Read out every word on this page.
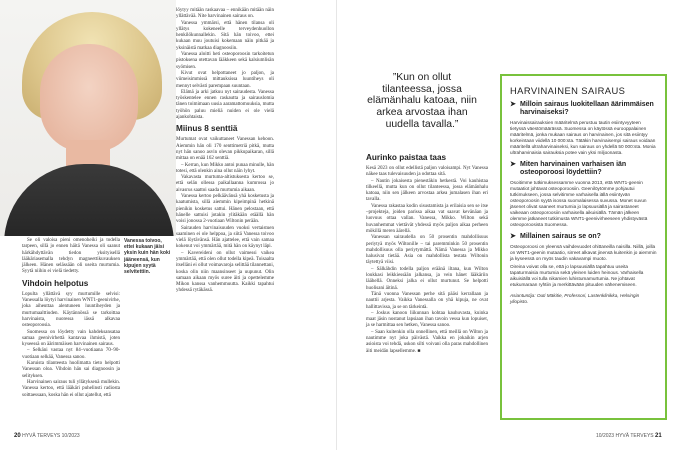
Vanessa toivoo, ettei kukaan jäisi yksin kuin hän koki jääneensä, kun kipujen syytä selvitettiin.

Se oli valoisa pieni omenoheiki ja todella tarpeen, sillä jo ennen häitä Vanessa oli saanut härkähdyttävän tiedon yksityisellä lääkäriasemalla tehdyn magneettikuvauksen jälkeen. Hänen selässään oli useita murtumia. Syytä niihin ei vielä tiedetty.

Vihdoin helpotus

Lopulta yllättävä syy murtumille selvisi: Vanessalla löytyi harvinainen WNT1-geenivirhe, joka aiheuttaa alentuneen luuntiheyden ja murtumaalttiuden. Käytännössä se tarkoittaa harvinaista, nuoressa iässä alkavaa osteoporoosia.

Suomessa on löydetty vain kahdeksansataa samaa geenivirhettä kantavaa ihmistä, joten kyseessä on äärimmäisen harvinainen sairaus.

– Selkäni vastaa nyt 84–vuotiaana 70–90-vuotiaan selkää, Vanessa sanoo.

Karuista tilanteesta huolimatta tieto helpotti Vanessan oloa. Vihdoin hän sai diagnoosin ja selityksen.

Harvinainen sairaus tuli yllätyksenä mullekin. Vanessa kertoo, että lääkäri puhelinsti radiosta soittaessaan, koska hän ei ollut ajatellut, että

löytyy mitään raskaavaa – ennikään mitään näin yllättävää. Nite harvinainen sairaus on.

Vanessa ymmärsi, että hänen tilansa oli yllätys kokeneelle terveydenhuollon henkilökunnallekin. Sitä hän toivoo, ettei kukaan muu joutuisi kokemaan näin pitkää ja yksinäistä matkaa diagnoosiin.

Vanessa aloitti heti osteoporoosin tarkoitetun pistoksena otettavan lääkkeen sekä kalsiumlisän syömisen.

Kivut ovat helpottaneet jo paljon, ja viimeisimmissä mittauksissa luuntiheys oli mennyt selvästi parempaan suuntaan.

Elämä ja arki jatkuu nyt sairaudesta. Vanessa työskentelee ennen raskautta ja sairauslomia tänen toimimaan uusia aaramattomuuksia, mutta työhön paluu mieliä nuiden ei ole vielä ajankohtaista.

Miinus 8 senttiä

Murtumat ovat vaikuttaneet Vanessan kehoon. Aiemmin hän oli 170 senttimetriä pitkä, mutta nyt hän sanoo asvin olevan pikkupaikaran, sillä mittaa on enää 162 senttiä.

– Kerran, kun Mikko antoi punaa minulle, hän totesi, että olenkin aina ollut näin lyhyt.

Vakavasta murtuma-altistuksesta kertoo se, että selän ollessa paikallaanna kumrossa jo aivasrus saattoi saada murtumia aikaan.

Vanessa kertoo pelkäävänsä yhä kosketusta ja kaatumista, sillä aiemmin kipeimpinä hetkinä pienikin kosketus sattui. Hänen pelostaan, että hänelle sattuisi jotakin ylitäkään etäällä hän voisi jonossa 2-vuotiaan Wiltonin perään.

Sairauden harvinaisuuden vuoksi vertaistuen saaminen ei ole helppoa, ja siitä Vanessa toivoo vielä löytävänsä. Hän ajattelee, että vain samaa kokenut voi ymmärtää, mitä hän on käynyt läpi.

– Kavereideni on ollut vaimessi vaikea ymmärtää, että olen ollut todella kipeä. Toisaalta itselläni ei ollut voimavaroja selittää tilannettani, koska olin niin maansinseet ja uupunut. Olin samaan aikaan myös suree äiti ja opettelemme Mikon kanssa vanhemmuutta. Kaikki tapahtui yhdessä rytäkässä.

20 HYVÄ TERVEYS 10/2023
”Kun on ollut tilanteessa, jossa elämänhalu katoaa, niin arkea arvostaa ihan uudella tavalla.”
Aurinko paistaa taas

Kesä 2023 on ollut edellistä paljon valoisampi. Nyt Vanessa näkee taas tulevaisuuden ja odottaa sitä.

– Nautin jokaisesta pienestäkin hetkestä. Voi kauhistaa tilkeellä, mutta kun on ollut tilanteessa, jossa elämänhalu katoaa, niin sen jälkeen arvostaa arkea jumalasen ihan eri tavalla.

Vanessa rakastaa kodin sisustamista ja erilaisia sen se itse –projekteja, joiden parissa aikaa vat saavat kevänäan ja luovuus ottaa vallan. Vanessa, Mikko. Wilton sekä huvanhemmat viettävät yhdessä myös paljon aikaa perheen mökillä meren äärellä.

Vanessan sairaudella on 50 prosentin mahdollisuus periytyä myös Wiltonille – tai paremminkin 50 prosentin mahdollisuus olla periytymättä. Nämä Vanessa ja Mikko halusivat tietää. Asia on mahdollista testata Wiltonin täytettyä viisi.

– Sälkähdin todella paljon eräänä iltana, kun Wilton loukkasi leikkiessään jalkansa, ja vein hänet lääkäriin läähellä. Onneksi jalka ei ollut murtunut. Se helpotti huolisani äitinä.

Tänä vuonna Vanessan perhe sitä pääsi kerrallaan ja nauttii arjesta. Vaikka Vanessalla on yhä kipuja, ne ovat hallittavissa, ja se on tärkeintä.

– Joskus kanoon liikunnan kohtaa kauhuvasta, kuinka maat jäsin nostanut lapsiaan ihan tavoin vessa kun lopuiset, ja se harmittaa sen hetken, Vanessa sanoo.

– Saan kuitenkin olla onnellinen, että meillä on Wilton ja nautimme nyt joka päivästä. Vaikka en jokaikin arjen asioista voi tehdä, uskon silti voivani olla paras mahdollinen äiti meidän lapsellemme. ■

HARVINAINEN SAIRAUS
➤ Milloin sairaus luokitellaan äärimmäisen harvinaiseksi?

Harvinaissairauksien määritelmä perustuu tautin esiintyvyyteen tietyssä väestömäärässä. Suomessa on käytössä eurooppalainen määritelmä, jonka mukaan sairaus on harvinainen, jos sitä esiintyy korkeintaan viidellä 10 000:sta. Tätäkin harvinaisempi sairaus voidaan määritellä ultraharvinaiseksi, kun sairaus on yhdellä 50 000:sta. Monia ultraharvinaisia sairauksia potee vain yksi miljoonasta.

➤ Miten harvinainen varhaisen iän osteoporoosi löydettiin?

Osoitimme tutkimuksessamme vuonna 2013, että WNT1-geenin mutaatiot johtavat osteoporoosiin. Geenilöytömme pohjautui tutkimukseen, jossa selvitimme varhaisella iällä esiintyvän osteoporoosin syytä isossa suomalaisessa suvussa. Monet suvun jäsenet olivat saaneet murtumia jo lapsuusiällä ja sairastaneet vaikeaan osteoporoosiin varhaisella aikuisiällä. Tämän jälkeen olemme jatkaneet tutkimusta WNT1-geenivirheeseen yhdistyvästä osteoporoosista Suomessa.

➤ Millainen sairaus se on?

Osteoporoosi on yleensä vaihdevuodet ohittaneilla naisilla. Niillä, joilla on WNT1-geenin mutaatio, sirreet alkavat jinensä kuitenkin jo aiemmin ja kyseessä on myös taudin vakavampi muoto.

Oireina voivat olla se, että jo lapsuusiällä tapahtuu useita tapaturmaisia murtumia sekä yleinen luiden heinous. Varhaisella aikuisiällä voi tulla nikamien luhistumamurtumia. Ne johtavat etukumaraan ryhtiin ja merkittävään pituuden vähenemiseen.

Asiantuntija: Outi Mäkitie, Professori, Lastenklinikka, Helsingin yliopisto.

10/2023 HYVÄ TERVEYS 21
